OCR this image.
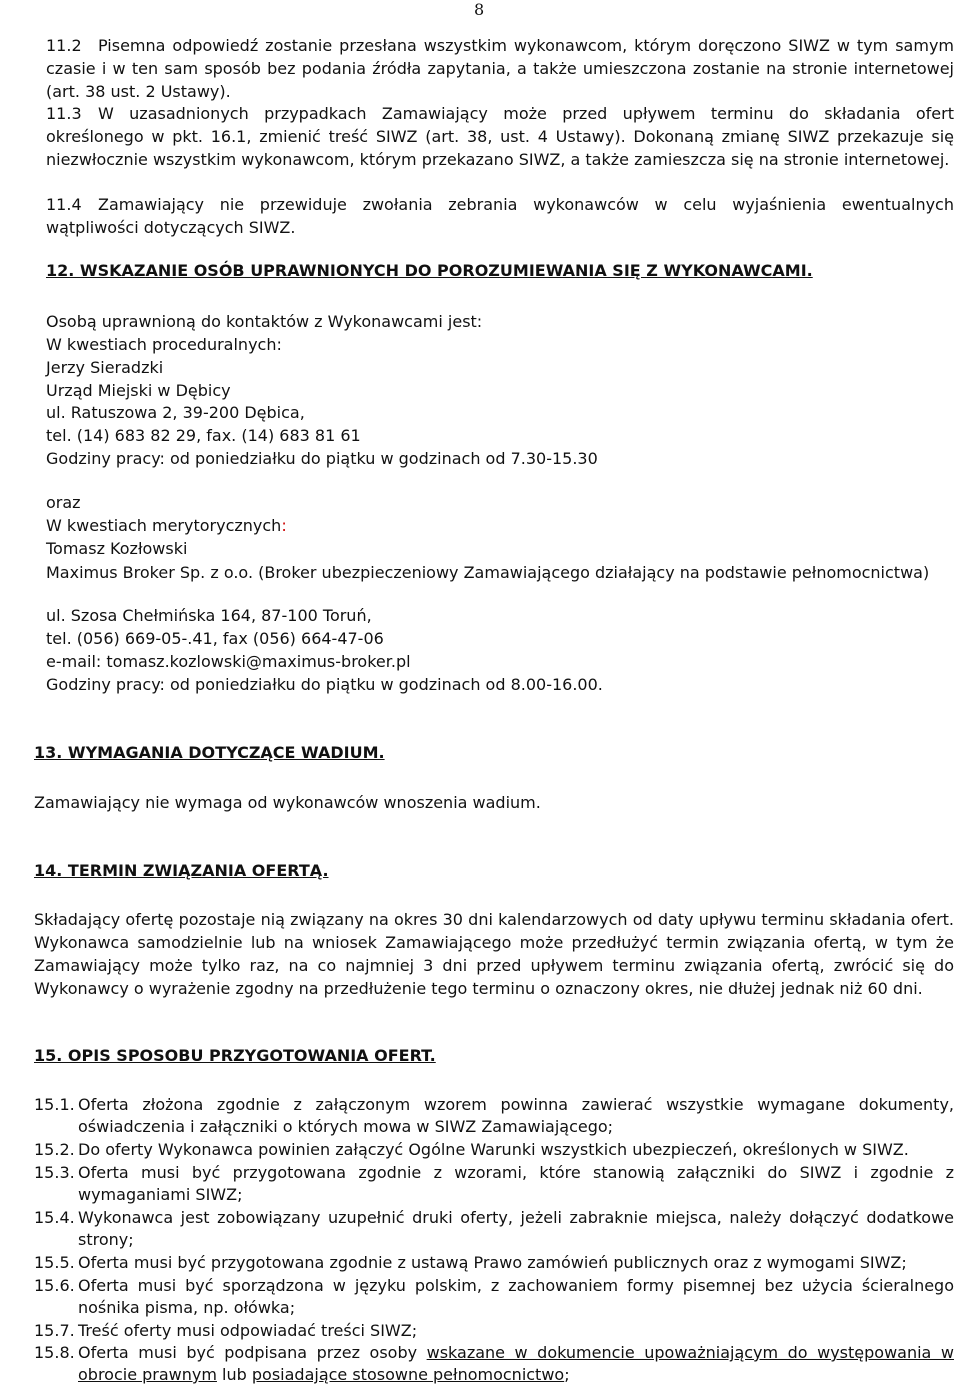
8
11.2	Pisemna odpowiedź zostanie przesłana wszystkim wykonawcom, którym doręczono SIWZ w tym samym czasie i w ten sam sposób bez podania źródła zapytania, a także umieszczona zostanie na stronie internetowej (art. 38 ust. 2 Ustawy).
11.3	W uzasadnionych przypadkach Zamawiający może przed upływem terminu do składania ofert określonego w pkt. 16.1, zmienić treść SIWZ (art. 38, ust. 4 Ustawy). Dokonaną zmianę SIWZ przekazuje się niezwłocznie wszystkim wykonawcom, którym przekazano SIWZ, a także zamieszcza się na stronie internetowej.
11.4	Zamawiający nie przewiduje zwołania zebrania wykonawców w celu wyjaśnienia ewentualnych wątpliwości dotyczących SIWZ.
12. WSKAZANIE OSÓB UPRAWNIONYCH DO POROZUMIEWANIA SIĘ Z WYKONAWCAMI.
Osobą uprawnioną do kontaktów z Wykonawcami jest:
W kwestiach proceduralnych:
Jerzy Sieradzki
Urząd Miejski w Dębicy
ul. Ratuszowa 2, 39-200 Dębica,
tel. (14) 683 82 29, fax. (14) 683 81 61
Godziny pracy: od poniedziałku do piątku w godzinach od 7.30-15.30
oraz
W kwestiach merytorycznych:
Tomasz Kozłowski
Maximus Broker Sp. z o.o. (Broker ubezpieczeniowy Zamawiającego działający na podstawie pełnomocnictwa)
ul. Szosa Chełmińska 164, 87-100 Toruń,
tel. (056) 669-05-.41, fax (056) 664-47-06
e-mail: tomasz.kozlowski@maximus-broker.pl
Godziny pracy: od poniedziałku do piątku w godzinach od 8.00-16.00.
13. WYMAGANIA DOTYCZĄCE WADIUM.
Zamawiający nie wymaga od wykonawców wnoszenia wadium.
14. TERMIN ZWIĄZANIA OFERTĄ.
Składający ofertę pozostaje nią związany na okres 30 dni kalendarzowych od daty upływu terminu składania ofert. Wykonawca samodzielnie lub na wniosek Zamawiającego może przedłużyć termin związania ofertą, w tym że Zamawiający może tylko raz, na co najmniej 3 dni przed upływem terminu związania ofertą, zwrócić się do Wykonawcy o wyrażenie zgodny na przedłużenie tego terminu o oznaczony okres, nie dłużej jednak niż 60 dni.
15. OPIS SPOSOBU PRZYGOTOWANIA OFERT.
15.1. Oferta złożona zgodnie z załączonym wzorem powinna zawierać wszystkie wymagane dokumenty, oświadczenia i załączniki o których mowa w SIWZ Zamawiającego;
15.2. Do oferty Wykonawca powinien załączyć Ogólne Warunki wszystkich ubezpieczeń, określonych w SIWZ.
15.3. Oferta musi być przygotowana zgodnie z wzorami, które stanowią załączniki do SIWZ i zgodnie z wymaganiami SIWZ;
15.4. Wykonawca jest zobowiązany uzupełnić druki oferty, jeżeli zabraknie miejsca, należy dołączyć dodatkowe strony;
15.5. Oferta musi być przygotowana zgodnie z ustawą Prawo zamówień publicznych oraz z wymogami SIWZ;
15.6. Oferta musi być sporządzona w języku polskim, z zachowaniem formy pisemnej bez użycia ścieralnego nośnika pisma, np. ołówka;
15.7. Treść oferty musi odpowiadać treści SIWZ;
15.8. Oferta musi być podpisana przez osoby wskazane w dokumencie upoważniającym do występowania w obrocie prawnym lub posiadające stosowne pełnomocnictwo;
